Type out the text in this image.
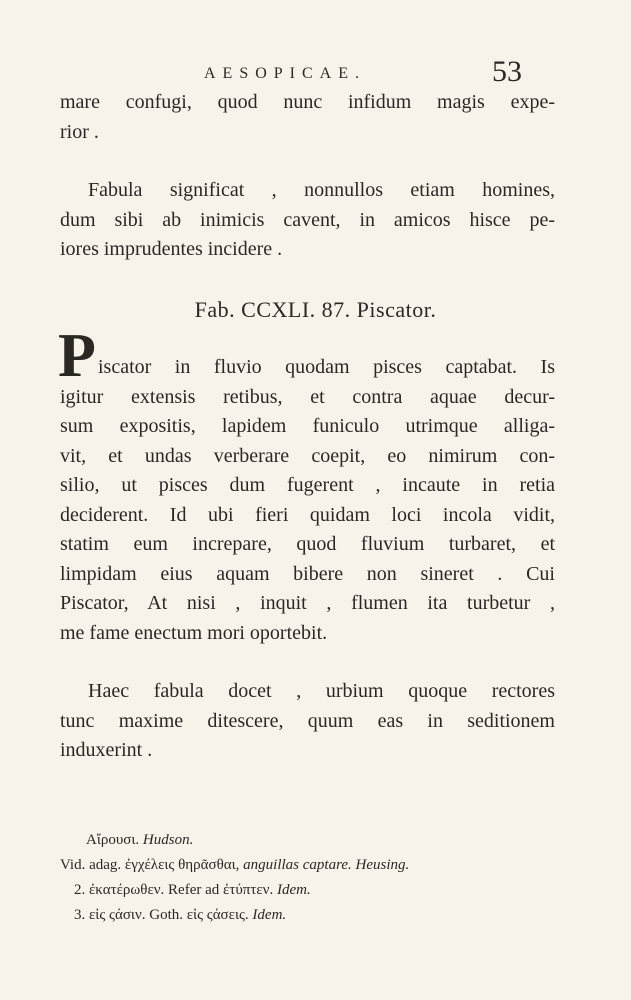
AESOPICAE.	53
mare confugi, quod nunc infidum magis expe-
rior .
Fabula significat , nonnullos etiam homines,
dum sibi ab inimicis cavent, in amicos hisce pe-
iores imprudentes incidere .
Fab. CCXLI. 87. Piscator.
P iscator in fluvio quodam pisces captabat. Is
igitur extensis retibus, et contra aquae decur-
sum expositis, lapidem funiculo utrimque alliga-
vit, et undas verberare coepit, eo nimirum con-
silio, ut pisces dum fugerent , incaute in retia
deciderent. Id ubi fieri quidam loci incola vidit,
statim eum increpare, quod fluvium turbaret, et
limpidam eius aquam bibere non sineret . Cui
Piscator, At nisi , inquit , flumen ita turbetur ,
me fame enectum mori oportebit.
Haec fabula docet , urbium quoque rectores
tunc maxime ditescere, quum eas in seditionem
induxerint .
Αἴρουσι. Hudson.
Vid. adag. ἐγχέλεις θηρᾶσθαι, anguillas captare. Heusing.
2. ἐκατέρωθεν. Refer ad ἐτύπτεν. Idem.
3. εἰς ςάσιν. Goth. εἰς ςάσεις. Idem.
